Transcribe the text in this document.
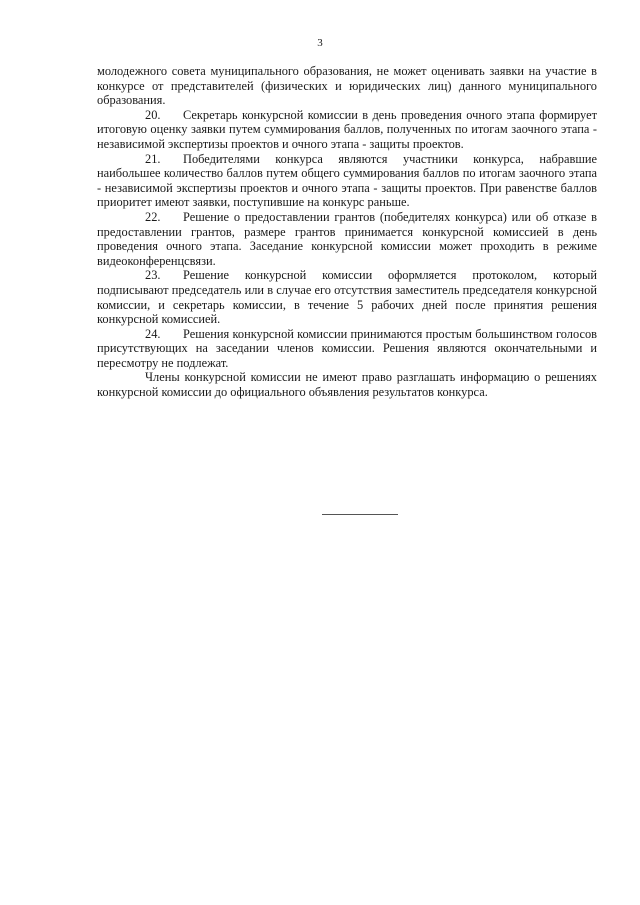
3

молодежного совета муниципального образования, не может оценивать заявки на участие в конкурсе от представителей (физических и юридических лиц) данного муниципального образования.

20. Секретарь конкурсной комиссии в день проведения очного этапа формирует итоговую оценку заявки путем суммирования баллов, полученных по итогам заочного этапа - независимой экспертизы проектов и очного этапа - защиты проектов.

21. Победителями конкурса являются участники конкурса, набравшие наибольшее количество баллов путем общего суммирования баллов по итогам заочного этапа - независимой экспертизы проектов и очного этапа - защиты проектов. При равенстве баллов приоритет имеют заявки, поступившие на конкурс раньше.

22. Решение о предоставлении грантов (победителях конкурса) или об отказе в предоставлении грантов, размере грантов принимается конкурсной комиссией в день проведения очного этапа. Заседание конкурсной комиссии может проходить в режиме видеоконференцсвязи.

23. Решение конкурсной комиссии оформляется протоколом, который подписывают председатель или в случае его отсутствия заместитель председателя конкурсной комиссии, и секретарь комиссии, в течение 5 рабочих дней после принятия решения конкурсной комиссией.

24. Решения конкурсной комиссии принимаются простым большинством голосов присутствующих на заседании членов комиссии. Решения являются окончательными и пересмотру не подлежат.

Члены конкурсной комиссии не имеют право разглашать информацию о решениях конкурсной комиссии до официального объявления результатов конкурса.
